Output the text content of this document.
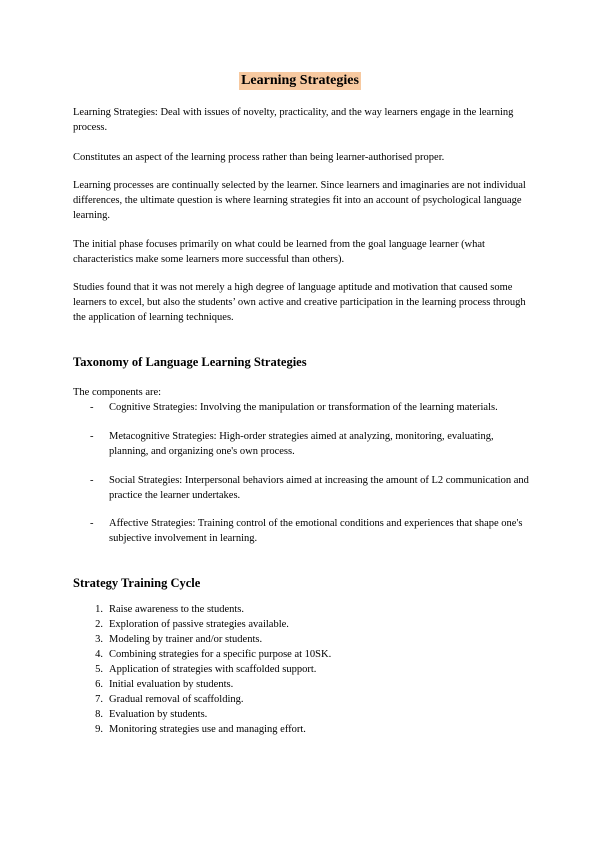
Learning Strategies

Learning Strategies: Deal with issues of novelty, practicality, and the way learners engage in the learning process.

Constitutes an aspect of the learning process rather than being learner-authorised proper.

Learning processes are continually selected by the learner. Since learners and imaginaries are not individual differences, the ultimate question is where learning strategies fit into an account of psychological language learning.

The initial phase focuses primarily on what could be learned from the goal language learner (what characteristics make some learners more successful than others).

Studies found that it was not merely a high degree of language aptitude and motivation that caused some learners to excel, but also the students’ own active and creative participation in the learning process through the application of learning techniques.

Taxonomy of Language Learning Strategies

The components are:

- Cognitive Strategies: Involving the manipulation or transformation of the learning materials.
- Metacognitive Strategies: High-order strategies aimed at analyzing, monitoring, evaluating, planning, and organizing one's own process.
- Social Strategies: Interpersonal behaviors aimed at increasing the amount of L2 communication and practice the learner undertakes.
- Affective Strategies: Training control of the emotional conditions and experiences that shape one's subjective involvement in learning.
Strategy Training Cycle
1. Raise awareness to the students.
2. Exploration of passive strategies available.
3. Modeling by trainer and/or students.
4. Combining strategies for a specific purpose at 10SK.
5. Application of strategies with scaffolded support.
6. Initial evaluation by students.
7. Gradual removal of scaffolding.
8. Evaluation by students.
9. Monitoring strategies use and managing effort.
